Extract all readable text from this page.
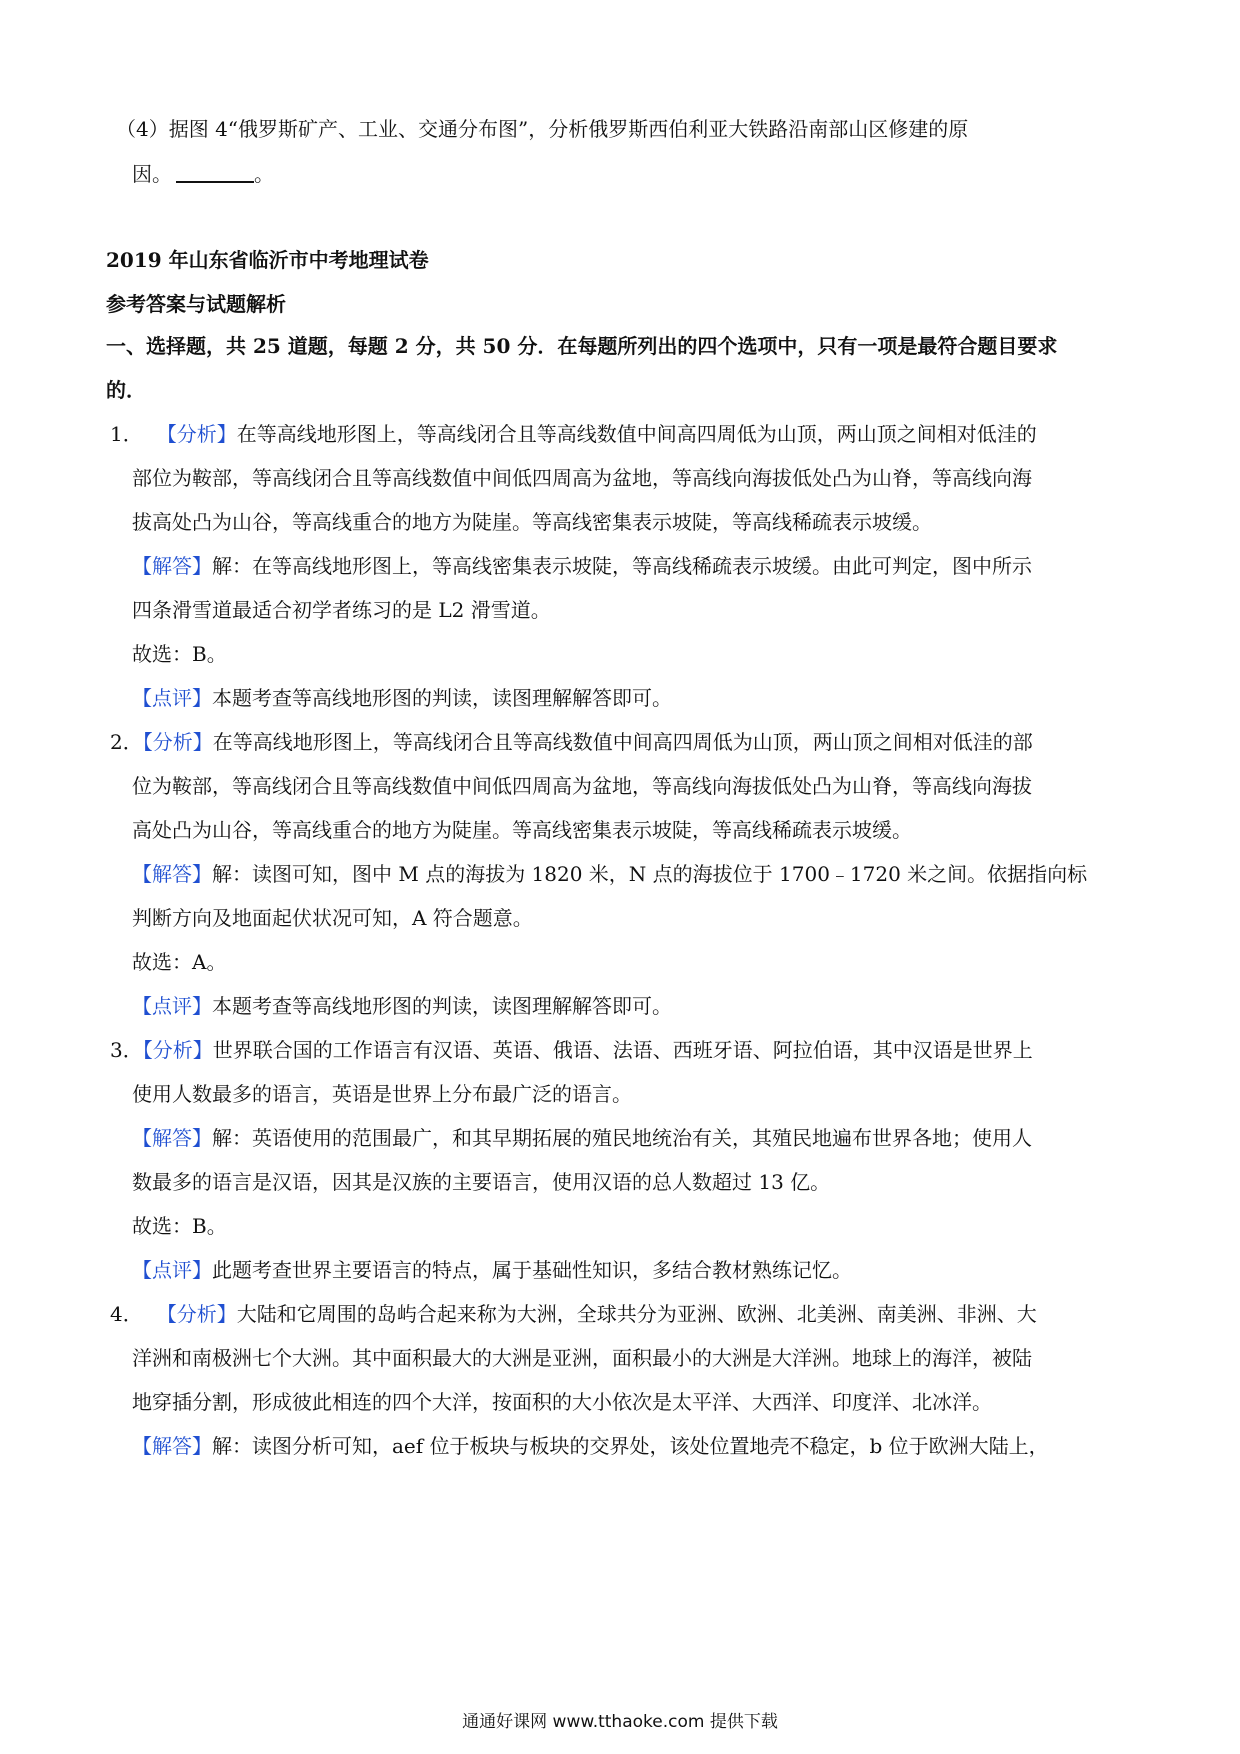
（4）据图 4“俄罗斯矿产、工业、交通分布图”，分析俄罗斯西伯利亚大铁路沿南部山区修建的原
因。	。
2019 年山东省临沂市中考地理试卷
参考答案与试题解析
一、选择题，共 25 道题，每题 2 分，共 50 分．在每题所列出的四个选项中，只有一项是最符合题目要求
的．
1． 【分析】在等高线地形图上，等高线闭合且等高线数值中间高四周低为山顶，两山顶之间相对低洼的
部位为鞍部，等高线闭合且等高线数值中间低四周高为盆地，等高线向海拔低处凸为山脊，等高线向海
拔高处凸为山谷，等高线重合的地方为陡崖。等高线密集表示坡陡，等高线稀疏表示坡缓。
【解答】解：在等高线地形图上，等高线密集表示坡陡，等高线稀疏表示坡缓。由此可判定，图中所示
四条滑雪道最适合初学者练习的是 L2 滑雪道。
故选：B。
【点评】本题考查等高线地形图的判读，读图理解解答即可。
2．【分析】在等高线地形图上，等高线闭合且等高线数值中间高四周低为山顶，两山顶之间相对低洼的部
位为鞍部，等高线闭合且等高线数值中间低四周高为盆地，等高线向海拔低处凸为山脊，等高线向海拔
高处凸为山谷，等高线重合的地方为陡崖。等高线密集表示坡陡，等高线稀疏表示坡缓。
【解答】解：读图可知，图中 M 点的海拔为 1820 米，N 点的海拔位于 1700﹣1720 米之间。依据指向标
判断方向及地面起伏状况可知，A 符合题意。
故选：A。
【点评】本题考查等高线地形图的判读，读图理解解答即可。
3．【分析】世界联合国的工作语言有汉语、英语、俄语、法语、西班牙语、阿拉伯语，其中汉语是世界上
使用人数最多的语言，英语是世界上分布最广泛的语言。
【解答】解：英语使用的范围最广，和其早期拓展的殖民地统治有关，其殖民地遍布世界各地；使用人
数最多的语言是汉语，因其是汉族的主要语言，使用汉语的总人数超过 13 亿。
故选：B。
【点评】此题考查世界主要语言的特点，属于基础性知识，多结合教材熟练记忆。
4． 【分析】大陆和它周围的岛屿合起来称为大洲，全球共分为亚洲、欧洲、北美洲、南美洲、非洲、大
洋洲和南极洲七个大洲。其中面积最大的大洲是亚洲，面积最小的大洲是大洋洲。地球上的海洋，被陆
地穿插分割，形成彼此相连的四个大洋，按面积的大小依次是太平洋、大西洋、印度洋、北冰洋。
【解答】解：读图分析可知，aef 位于板块与板块的交界处，该处位置地壳不稳定，b 位于欧洲大陆上，
通通好课网 www.tthaoke.com 提供下载
